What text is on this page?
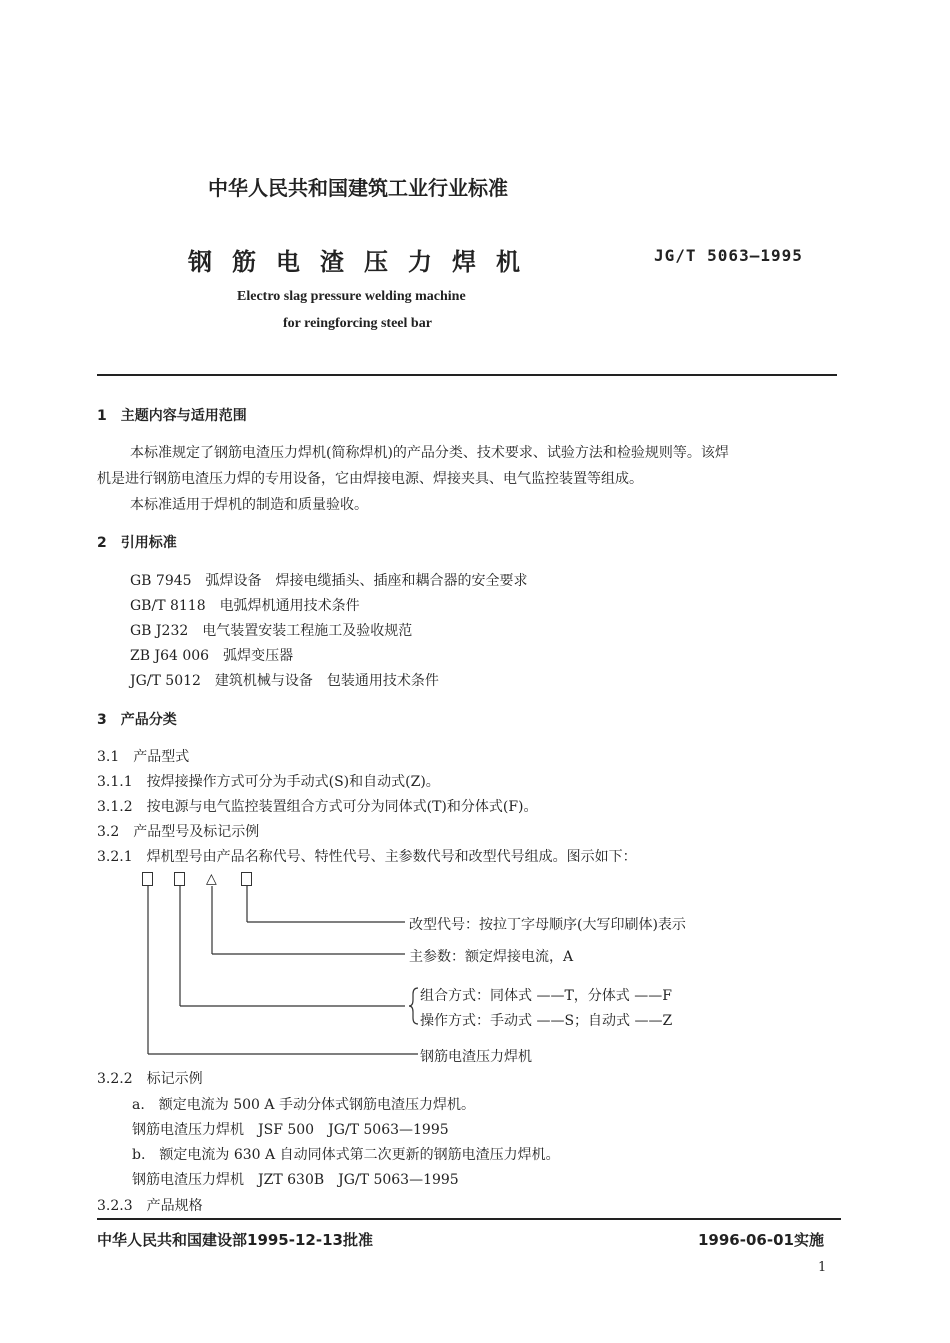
中华人民共和国建筑工业行业标准
钢筋电渣压力焊机	JG/T 5063—1995
Electro slag pressure welding machine
for reingforcing steel bar
1　主题内容与适用范围
本标准规定了钢筋电渣压力焊机(简称焊机)的产品分类、技术要求、试验方法和检验规则等。该焊
机是进行钢筋电渣压力焊的专用设备，它由焊接电源、焊接夹具、电气监控装置等组成。
本标准适用于焊机的制造和质量验收。
2　引用标准
GB 7945　弧焊设备　焊接电缆插头、插座和耦合器的安全要求
GB/T 8118　电弧焊机通用技术条件
GB J232　电气装置安装工程施工及验收规范
ZB J64 006　弧焊变压器
JG/T 5012　建筑机械与设备　包装通用技术条件
3　产品分类
3.1　产品型式
3.1.1　按焊接操作方式可分为手动式(S)和自动式(Z)。
3.1.2　按电源与电气监控装置组合方式可分为同体式(T)和分体式(F)。
3.2　产品型号及标记示例
3.2.1　焊机型号由产品名称代号、特性代号、主参数代号和改型代号组成。图示如下：
△
改型代号：按拉丁字母顺序(大写印刷体)表示
主参数：额定焊接电流，A
组合方式：同体式 ——T，分体式 ——F
操作方式：手动式 ——S；自动式 ——Z
钢筋电渣压力焊机
3.2.2　标记示例
a.　额定电流为 500 A 手动分体式钢筋电渣压力焊机。
钢筋电渣压力焊机　JSF 500　JG/T 5063—1995
b.　额定电流为 630 A 自动同体式第二次更新的钢筋电渣压力焊机。
钢筋电渣压力焊机　JZT 630B　JG/T 5063—1995
3.2.3　产品规格
中华人民共和国建设部1995-12-13批准	1996-06-01实施
1
